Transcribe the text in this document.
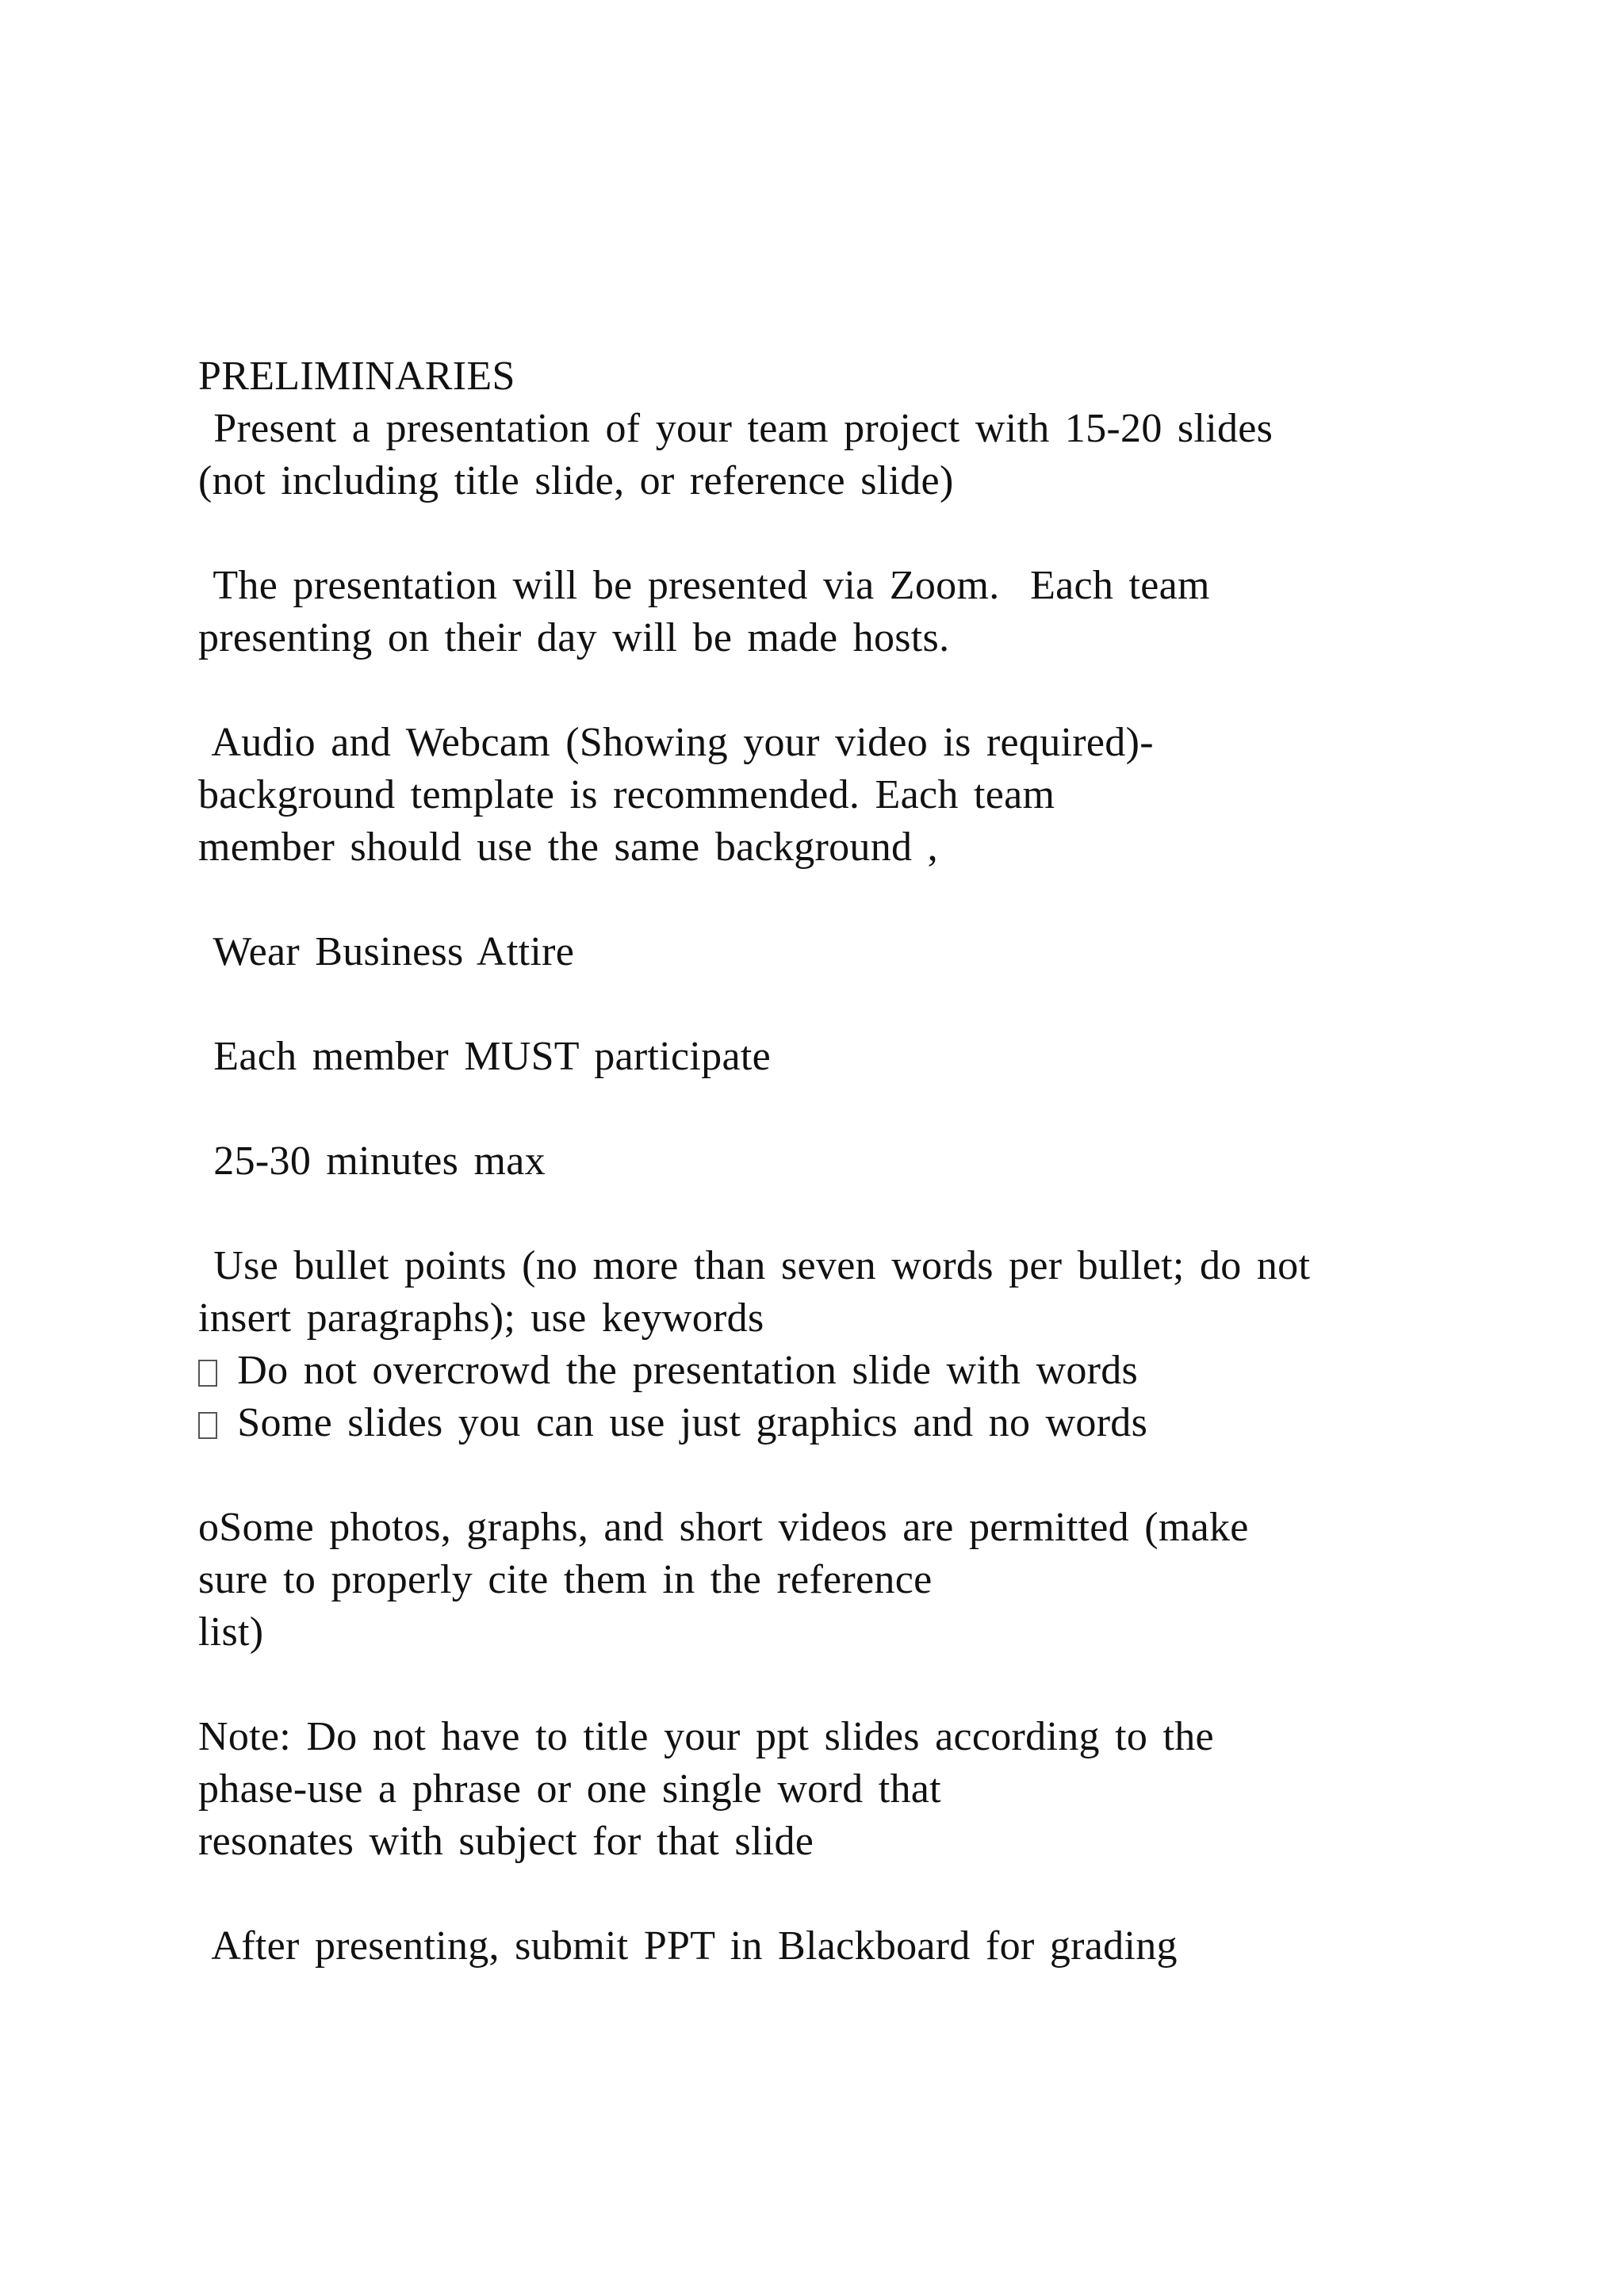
PRELIMINARIES
Present a presentation of your team project with 15-20 slides
(not including title slide, or reference slide)
The presentation will be presented via Zoom.  Each team
presenting on their day will be made hosts.
Audio and Webcam (Showing your video is required)-
background template is recommended. Each team
member should use the same background ,
Wear Business Attire
Each member MUST participate
25-30 minutes max
Use bullet points (no more than seven words per bullet; do not
insert paragraphs); use keywords
Do not overcrowd the presentation slide with words
Some slides you can use just graphics and no words
oSome photos, graphs, and short videos are permitted (make
sure to properly cite them in the reference
list)
Note: Do not have to title your ppt slides according to the
phase-use a phrase or one single word that
resonates with subject for that slide
After presenting, submit PPT in Blackboard for grading
